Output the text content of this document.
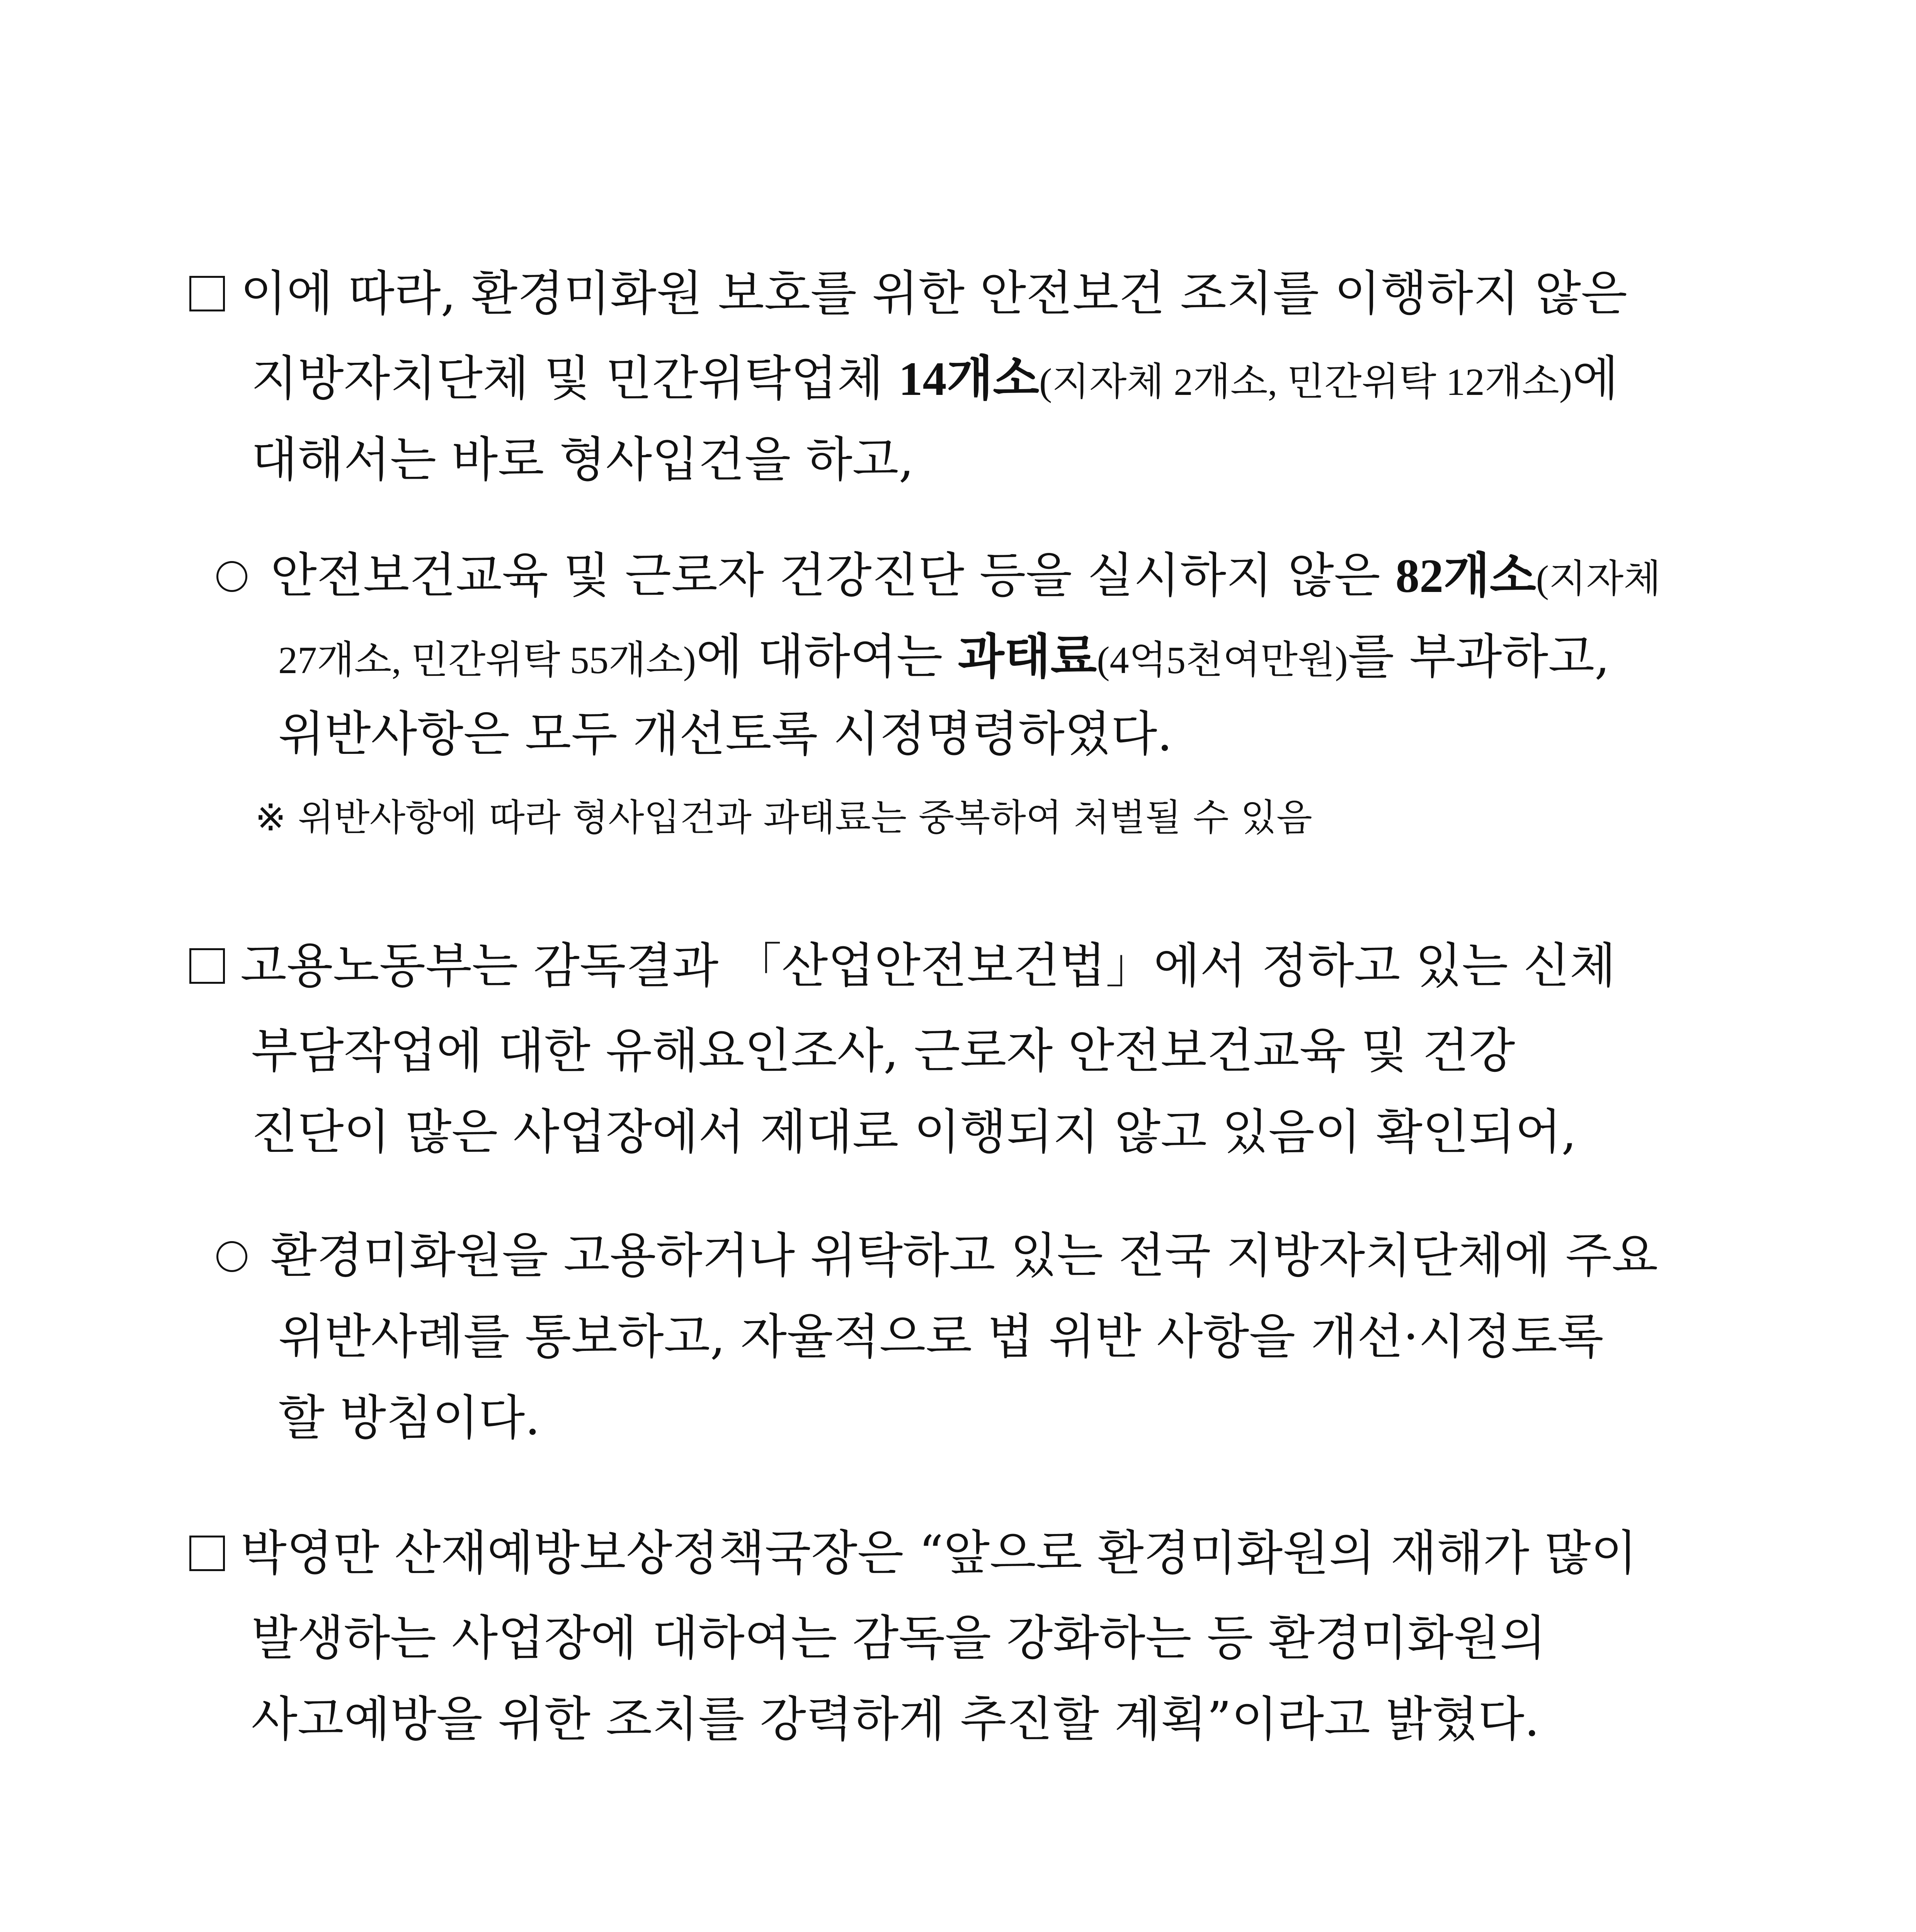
이에 따라, 환경미화원 보호를 위한 안전보건 조치를 이행하지 않은
지방자치단체 및 민간위탁업체 14개소(지자체 2개소, 민간위탁 12개소)에
대해서는 바로 형사입건을 하고,
안전보건교육 및 근로자 건강진단 등을 실시하지 않은 82개소(지자체
27개소, 민간위탁 55개소)에 대하여는 과태료(4억5천여만원)를 부과하고,
위반사항은 모두 개선토록 시정명령하였다.
※ 위반사항에 따라 형사입건과 과태료는 중복하여 처벌될 수 있음
고용노동부는 감독결과 「산업안전보건법」에서 정하고 있는 신체
부담작업에 대한 유해요인조사, 근로자 안전보건교육 및 건강
진단이 많은 사업장에서 제대로 이행되지 않고 있음이 확인되어,
환경미화원을 고용하거나 위탁하고 있는 전국 지방자치단체에 주요
위반사례를 통보하고, 자율적으로 법 위반 사항을 개선·시정토록
할 방침이다.
박영만 산재예방보상정책국장은 “앞으로 환경미화원의 재해가 많이
발생하는 사업장에 대하여는 감독을 강화하는 등 환경미화원의
사고예방을 위한 조치를 강력하게 추진할 계획”이라고 밝혔다.
